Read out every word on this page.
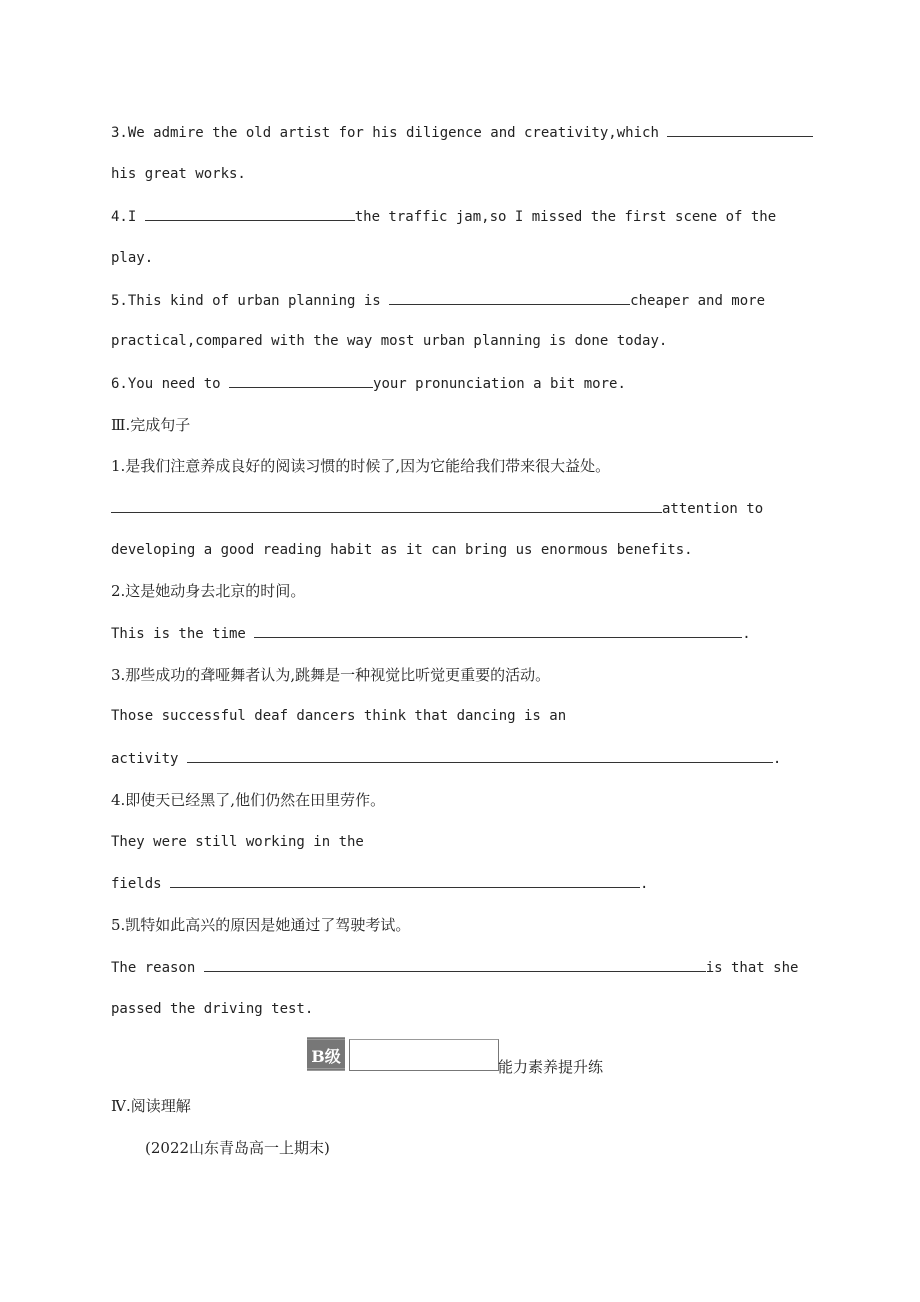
3.We admire the old artist for his diligence and creativity,which
his great works.
4.I	the traffic jam,so I missed the first scene of the
play.
5.This kind of urban planning is	cheaper and more
practical,compared with the way most urban planning is done today.
6.You need to	your pronunciation a bit more.
Ⅲ.完成句子
1.是我们注意养成良好的阅读习惯的时候了,因为它能给我们带来很大益处。
attention to
developing a good reading habit as it can bring us enormous benefits.
2.这是她动身去北京的时间。
This is the time	.
3.那些成功的聋哑舞者认为,跳舞是一种视觉比听觉更重要的活动。
Those successful deaf dancers think that dancing is an
activity	.
4.即使天已经黑了,他们仍然在田里劳作。
They were still working in the
fields	.
5.凯特如此高兴的原因是她通过了驾驶考试。
The reason	is that she
passed the driving test.
B级
能力素养提升练
Ⅳ.阅读理解
(2022山东青岛高一上期末)
